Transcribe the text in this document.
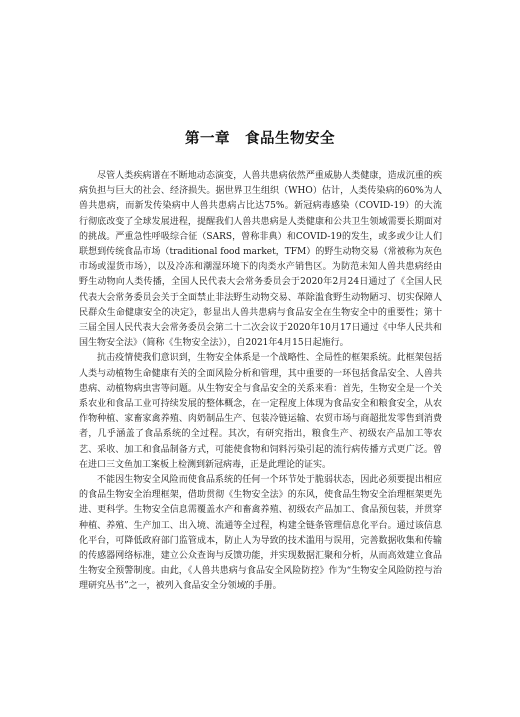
第一章　食品生物安全

尽管人类疾病谱在不断地动态演变，人兽共患病依然严重威胁人类健康，造成沉重的疾病负担与巨大的社会、经济损失。据世界卫生组织（WHO）估计，人类传染病的60%为人兽共患病，而新发传染病中人兽共患病占比达75%。新冠病毒感染（COVID-19）的大流行彻底改变了全球发展进程，提醒我们人兽共患病是人类健康和公共卫生领域需要长期面对的挑战。严重急性呼吸综合征（SARS，曾称非典）和COVID-19的发生，或多或少让人们联想到传统食品市场（traditional food market，TFM）的野生动物交易（常被称为灰色市场或湿货市场），以及冷冻和潮湿环境下的肉类水产销售区。为防范未知人兽共患病经由野生动物向人类传播，全国人民代表大会常务委员会于2020年2月24日通过了《全国人民代表大会常务委员会关于全面禁止非法野生动物交易、革除滥食野生动物陋习、切实保障人民群众生命健康安全的决定》，彰显出人兽共患病与食品安全在生物安全中的重要性；第十三届全国人民代表大会常务委员会第二十二次会议于2020年10月17日通过《中华人民共和国生物安全法》（简称《生物安全法》），自2021年4月15日起施行。

抗击疫情使我们意识到，生物安全体系是一个战略性、全局性的框架系统。此框架包括人类与动植物生命健康有关的全面风险分析和管理，其中重要的一环包括食品安全、人兽共患病、动植物病虫害等问题。从生物安全与食品安全的关系来看：首先，生物安全是一个关系农业和食品工业可持续发展的整体概念，在一定程度上体现为食品安全和粮食安全，从农作物种植、家畜家禽养殖、肉奶制品生产、包装冷链运输、农贸市场与商超批发零售到消费者，几乎涵盖了食品系统的全过程。其次，有研究指出，粮食生产、初级农产品加工等农艺、采收、加工和食品制备方式，可能使食物和饲料污染引起的流行病传播方式更广泛。曾在进口三文鱼加工案板上检测到新冠病毒，正是此理论的证实。

不能因生物安全风险而使食品系统的任何一个环节处于脆弱状态，因此必须要提出相应的食品生物安全治理框架，借助贯彻《生物安全法》的东风，使食品生物安全治理框架更先进、更科学。生物安全信息需覆盖水产和畜禽养殖、初级农产品加工、食品预包装，并贯穿种植、养殖、生产加工、出入境、流通等全过程，构建全链条管理信息化平台。通过该信息化平台，可降低政府部门监管成本，防止人为导致的技术滥用与误用，完善数据收集和传输的传感器网络标准，建立公众查询与反馈功能，并实现数据汇聚和分析，从而高效建立食品生物安全预警制度。由此，《人兽共患病与食品安全风险防控》作为“生物安全风险防控与治理研究丛书”之一，被列入食品安全分领域的手册。
